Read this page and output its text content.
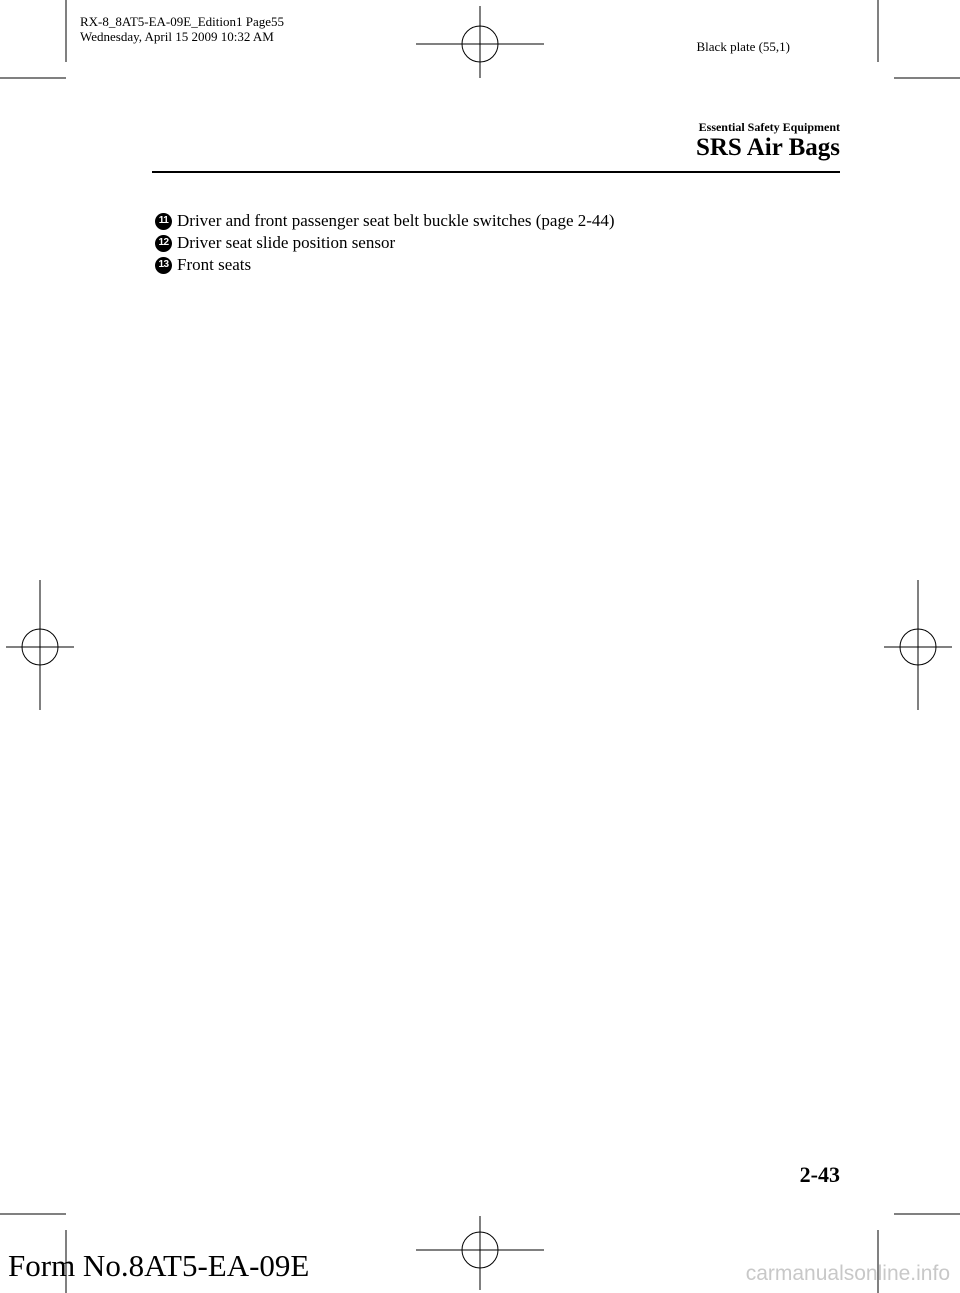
RX-8_8AT5-EA-09E_Edition1 Page55
Wednesday, April 15 2009 10:32 AM
Black plate (55,1)
Essential Safety Equipment
SRS Air Bags
11 Driver and front passenger seat belt buckle switches (page 2-44)
12 Driver seat slide position sensor
13 Front seats
2-43
Form No.8AT5-EA-09E	carmanualsonline.info
